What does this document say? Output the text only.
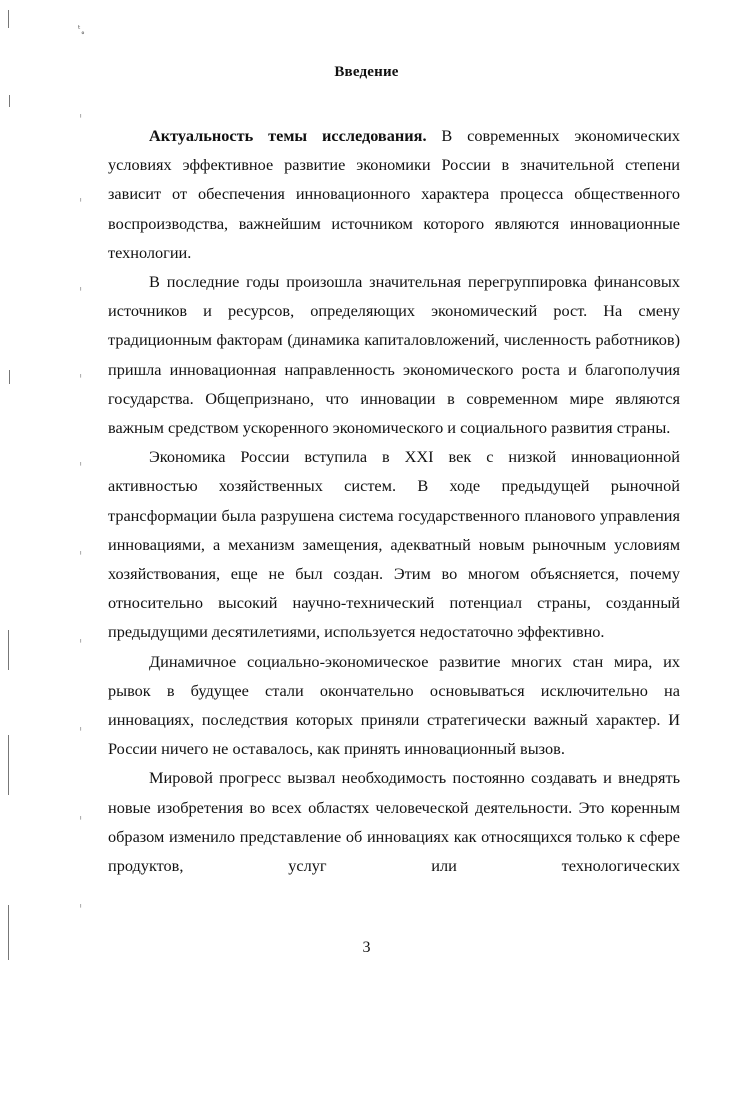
ᵗ˳
ᵎ
ᵎ
ᵎ
ᵎ
ᵎ
ᵎ
ᵎ
ᵎ
ᵎ
ᵎ
Введение

Актуальность темы исследования. В современных экономических условиях эффективное развитие экономики России в значительной степени зависит от обеспечения инновационного характера процесса общественного воспроизводства, важнейшим источником которого являются инновационные технологии.

В последние годы произошла значительная перегруппировка финансовых источников и ресурсов, определяющих экономический рост. На смену традиционным факторам (динамика капиталовложений, численность работников) пришла инновационная направленность экономического роста и благополучия государства. Общепризнано, что инновации в современном мире являются важным средством ускоренного экономического и социального развития страны.

Экономика России вступила в XXI век с низкой инновационной активностью хозяйственных систем. В ходе предыдущей рыночной трансформации была разрушена система государственного планового управления инновациями, а механизм замещения, адекватный новым рыночным условиям хозяйствования, еще не был создан. Этим во многом объясняется, почему относительно высокий научно-технический потенциал страны, созданный предыдущими десятилетиями, используется недостаточно эффективно.

Динамичное социально-экономическое развитие многих стан мира, их рывок в будущее стали окончательно основываться исключительно на инновациях, последствия которых приняли стратегически важный характер. И России ничего не оставалось, как принять инновационный вызов.

Мировой прогресс вызвал необходимость постоянно создавать и внедрять новые изобретения во всех областях человеческой деятельности. Это коренным образом изменило представление об инновациях как относящихся только к сфере продуктов, услуг или технологических

3
